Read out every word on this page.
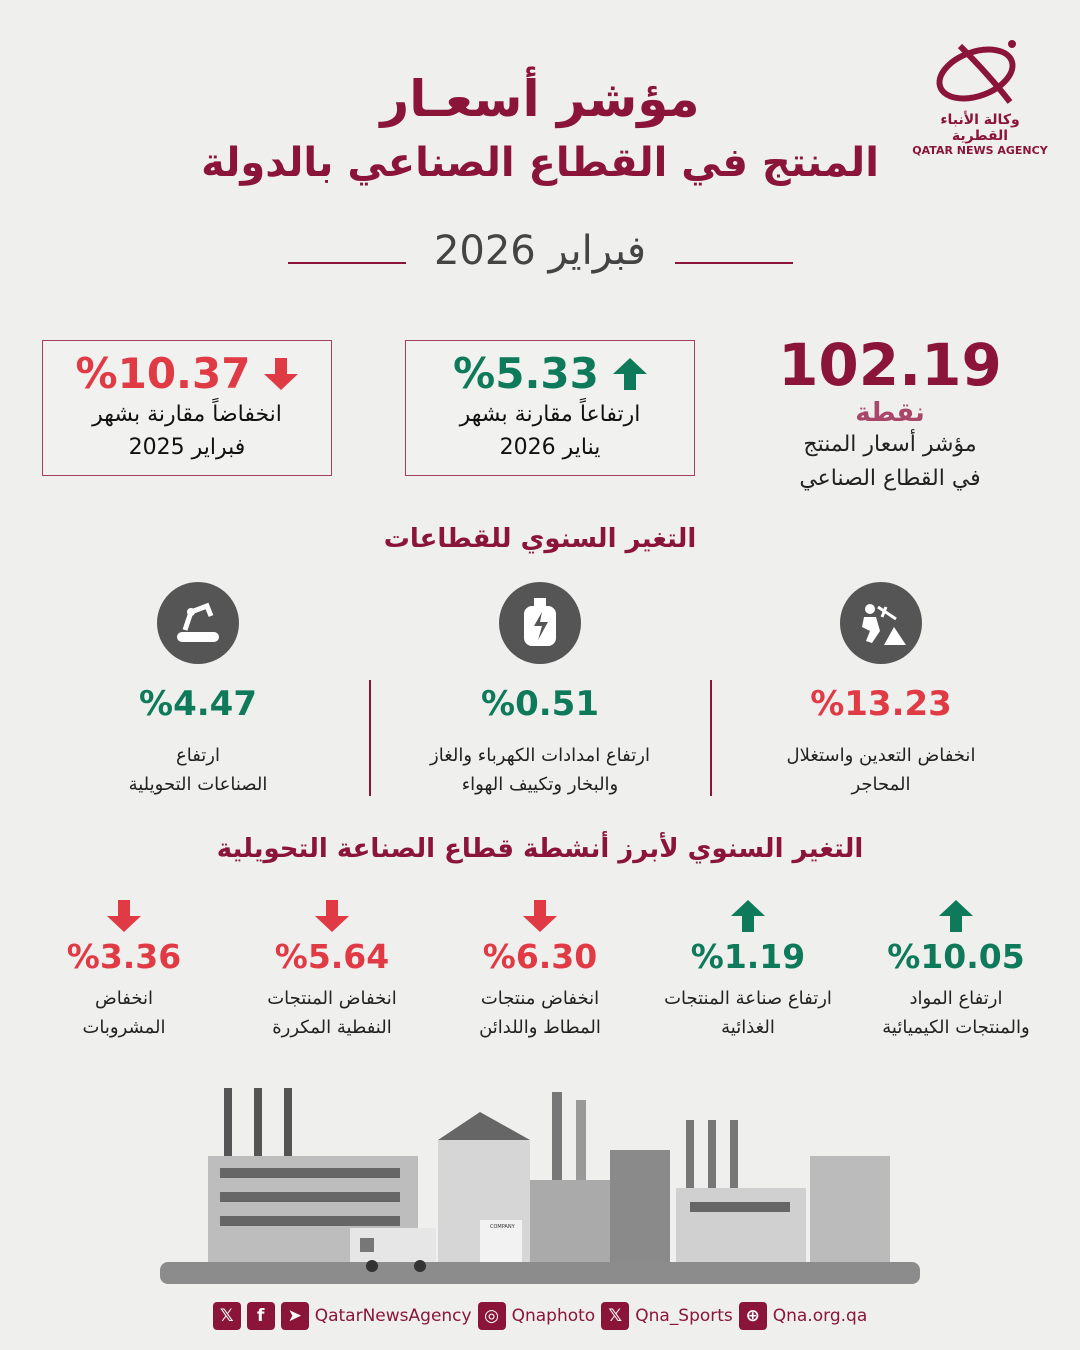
وكالة الأنباء القطرية
QATAR NEWS AGENCY
مؤشر أسعـار
المنتج في القطاع الصناعي بالدولة
فبراير 2026
102.19
نقطة
مؤشر أسعار المنتج
في القطاع الصناعي
%5.33
ارتفاعاً مقارنة بشهر
يناير 2026
%10.37
انخفاضاً مقارنة بشهر
فبراير 2025
التغير السنوي للقطاعات
%13.23
انخفاض التعدين واستغلال
المحاجر
%0.51
ارتفاع امدادات الكهرباء والغاز
والبخار وتكييف الهواء
%4.47
ارتفاع
الصناعات التحويلية
التغير السنوي لأبرز أنشطة قطاع الصناعة التحويلية
%10.05
ارتفاع المواد
والمنتجات الكيميائية
%1.19
ارتفاع صناعة المنتجات
الغذائية
%6.30
انخفاض منتجات
المطاط واللدائن
%5.64
انخفاض المنتجات
النفطية المكررة
%3.36
انخفاض
المشروبات
COMPANY
𝕏	f	➤ QatarNewsAgency ◎ Qnaphoto 𝕏 Qna_Sports ⊕ Qna.org.qa
